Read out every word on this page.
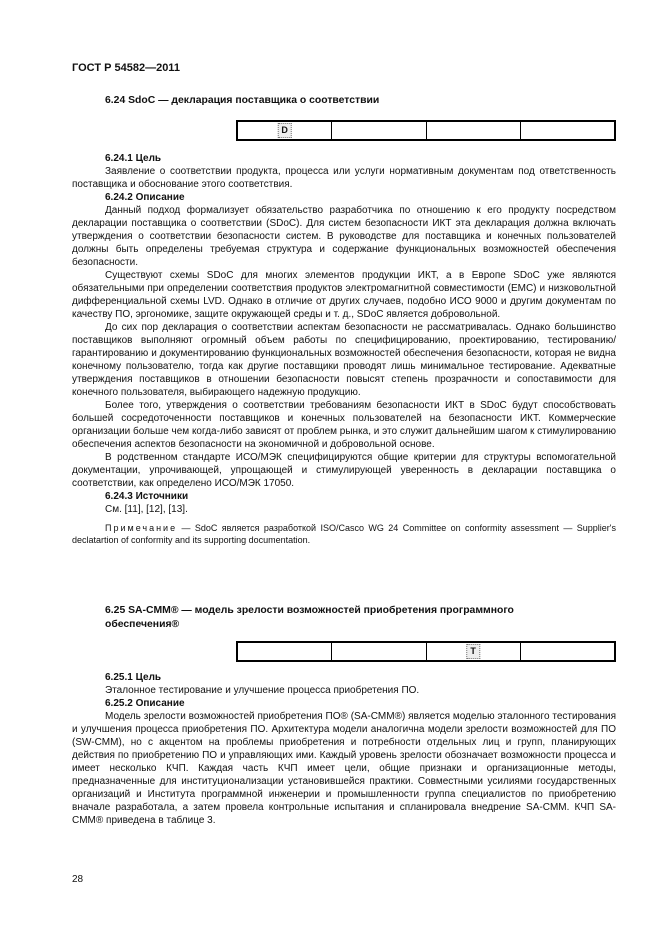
ГОСТ Р 54582—2011
6.24 SdoC — декларация поставщика о соответствии
D
6.24.1 Цель

Заявление о соответствии продукта, процесса или услуги нормативным документам под ответственность поставщика и обоснование этого соответствия.

6.24.2 Описание

Данный подход формализует обязательство разработчика по отношению к его продукту посредством декларации поставщика о соответствии (SDoC). Для систем безопасности ИКТ эта декларация должна включать утверждения о соответствии безопасности систем. В руководстве для поставщика и конечных пользователей должны быть определены требуемая структура и содержание функциональных возможностей обеспечения безопасности.

Существуют схемы SDoC для многих элементов продукции ИКТ, а в Европе SDoC уже являются обязательными при определении соответствия продуктов электромагнитной совместимости (EMC) и низковольтной дифференциальной схемы LVD. Однако в отличие от других случаев, подобно ИСО 9000 и другим документам по качеству ПО, эргономике, защите окружающей среды и т. д., SDoC является добровольной.

До сих пор декларация о соответствии аспектам безопасности не рассматривалась. Однако большинство поставщиков выполняют огромный объем работы по специфицированию, проектированию, тестированию/гарантированию и документированию функциональных возможностей обеспечения безопасности, которая не видна конечному пользователю, тогда как другие поставщики проводят лишь минимальное тестирование. Адекватные утверждения поставщиков в отношении безопасности повысят степень прозрачности и сопоставимости для конечного пользователя, выбирающего надежную продукцию.

Более того, утверждения о соответствии требованиям безопасности ИКТ в SDoC будут способствовать большей сосредоточенности поставщиков и конечных пользователей на безопасности ИКТ. Коммерческие организации больше чем когда-либо зависят от проблем рынка, и это служит дальнейшим шагом к стимулированию обеспечения аспектов безопасности на экономичной и добровольной основе.

В родственном стандарте ИСО/МЭК специфицируются общие критерии для структуры вспомогательной документации, упрочивающей, упрощающей и стимулирующей уверенность в декларации поставщика о соответствии, как определено ИСО/МЭК 17050.

6.24.3 Источники

См. [11], [12], [13].

Примечание — SdoC является разработкой ISO/Casco WG 24 Committee on conformity assessment — Supplier's declatartion of conformity and its supporting documentation.

6.25 SA-CMM® — модель зрелости возможностей приобретения программного
обеспечения®
T
6.25.1 Цель

Эталонное тестирование и улучшение процесса приобретения ПО.

6.25.2 Описание

Модель зрелости возможностей приобретения ПО® (SA-CMM®) является моделью эталонного тестирования и улучшения процесса приобретения ПО. Архитектура модели аналогична модели зрелости возможностей для ПО (SW-CMM), но с акцентом на проблемы приобретения и потребности отдельных лиц и групп, планирующих действия по приобретению ПО и управляющих ими. Каждый уровень зрелости обозначает возможности процесса и имеет несколько КЧП. Каждая часть КЧП имеет цели, общие признаки и организационные методы, предназначенные для институционализации установившейся практики. Совместными усилиями государственных организаций и Института программной инженерии и промышленности группа специалистов по приобретению вначале разработала, а затем провела контрольные испытания и спланировала внедрение SA-CMM. КЧП SA-CMM® приведена в таблице 3.

28
